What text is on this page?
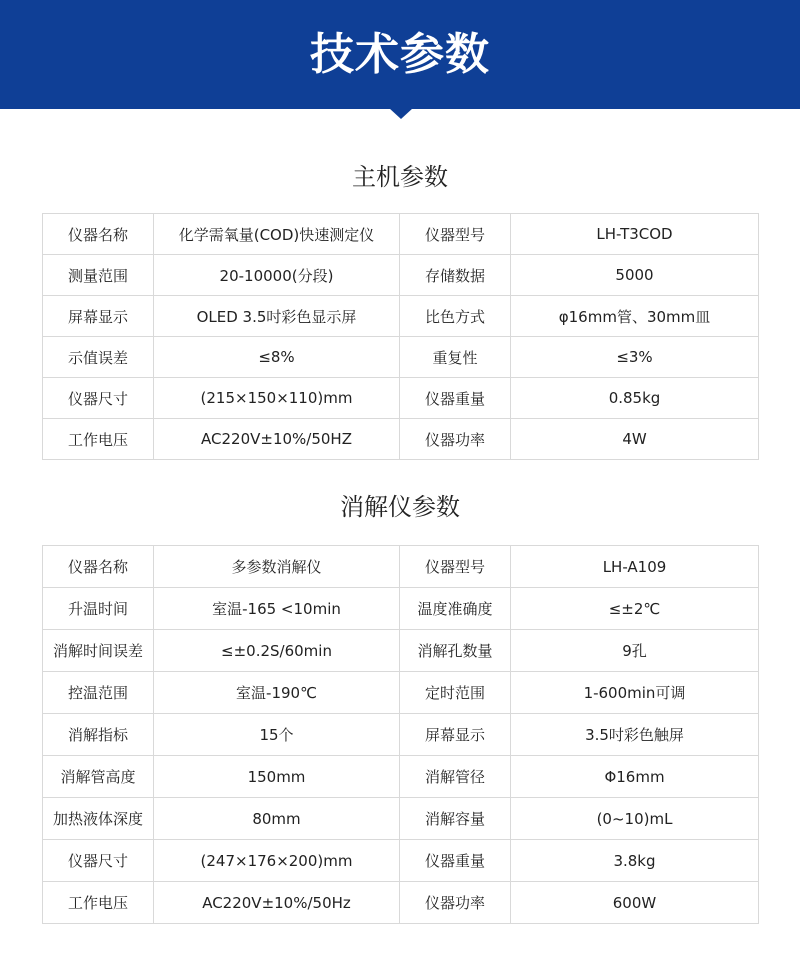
技术参数
主机参数
仪器名称	化学需氧量(COD)快速测定仪	仪器型号	LH-T3COD
测量范围	20-10000(分段)	存储数据	5000
屏幕显示	OLED 3.5吋彩色显示屏	比色方式	φ16mm管、30mm皿
示值误差	≤8%	重复性	≤3%
仪器尺寸	(215×150×110)mm	仪器重量	0.85kg
工作电压	AC220V±10%/50HZ	仪器功率	4W
消解仪参数
仪器名称	多参数消解仪	仪器型号	LH-A109
升温时间	室温-165 <10min	温度准确度	≤±2℃
消解时间误差	≤±0.2S/60min	消解孔数量	9孔
控温范围	室温-190℃	定时范围	1-600min可调
消解指标	15个	屏幕显示	3.5吋彩色触屏
消解管高度	150mm	消解管径	Φ16mm
加热液体深度	80mm	消解容量	(0~10)mL
仪器尺寸	(247×176×200)mm	仪器重量	3.8kg
工作电压	AC220V±10%/50Hz	仪器功率	600W
